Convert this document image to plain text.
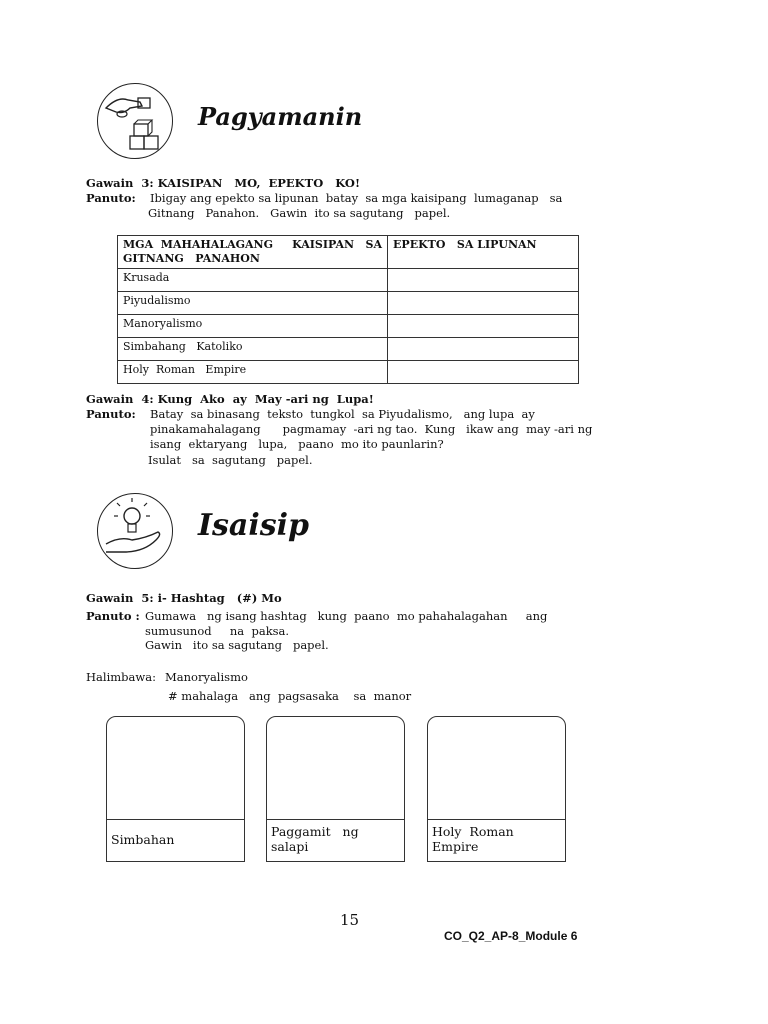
Pagyamanin
Gawain 3: KAISIPAN   MO,  EPEKTO   KO!
Panuto: Ibigay ang epekto sa lipunan  batay  sa mga kaisipang  lumaganap   sa
Gitnang   Panahon.   Gawin  ito sa sagutang   papel.
MGA  MAHAHALAGANG     KAISIPAN   SA
GITNANG   PANAHON	EPEKTO   SA LIPUNAN
Krusada	
Piyudalismo	
Manoryalismo	
Simbahang   Katoliko	
Holy  Roman   Empire	
Gawain 4: Kung  Ako  ay  May -ari ng  Lupa!
Panuto: Batay  sa binasang  teksto  tungkol  sa Piyudalismo,   ang lupa  ay
pinakamahalagang      pagmamay  -ari ng tao.  Kung   ikaw ang  may -ari ng
isang  ektaryang   lupa,   paano  mo ito paunlarin?
Isulat   sa  sagutang   papel.
Isaisip
Gawain 5: i- Hashtag   (#) Mo
Panuto : Gumawa   ng isang hashtag   kung  paano  mo pahahalagahan     ang
sumusunod     na  paksa.
Gawin   ito sa sagutang   papel.
Halimbawa: Manoryalismo
# mahalaga   ang  pagsasaka    sa  manor
Simbahan
Paggamit   ng
salapi
Holy  Roman
Empire
15
CO_Q2_AP-8_Module 6
